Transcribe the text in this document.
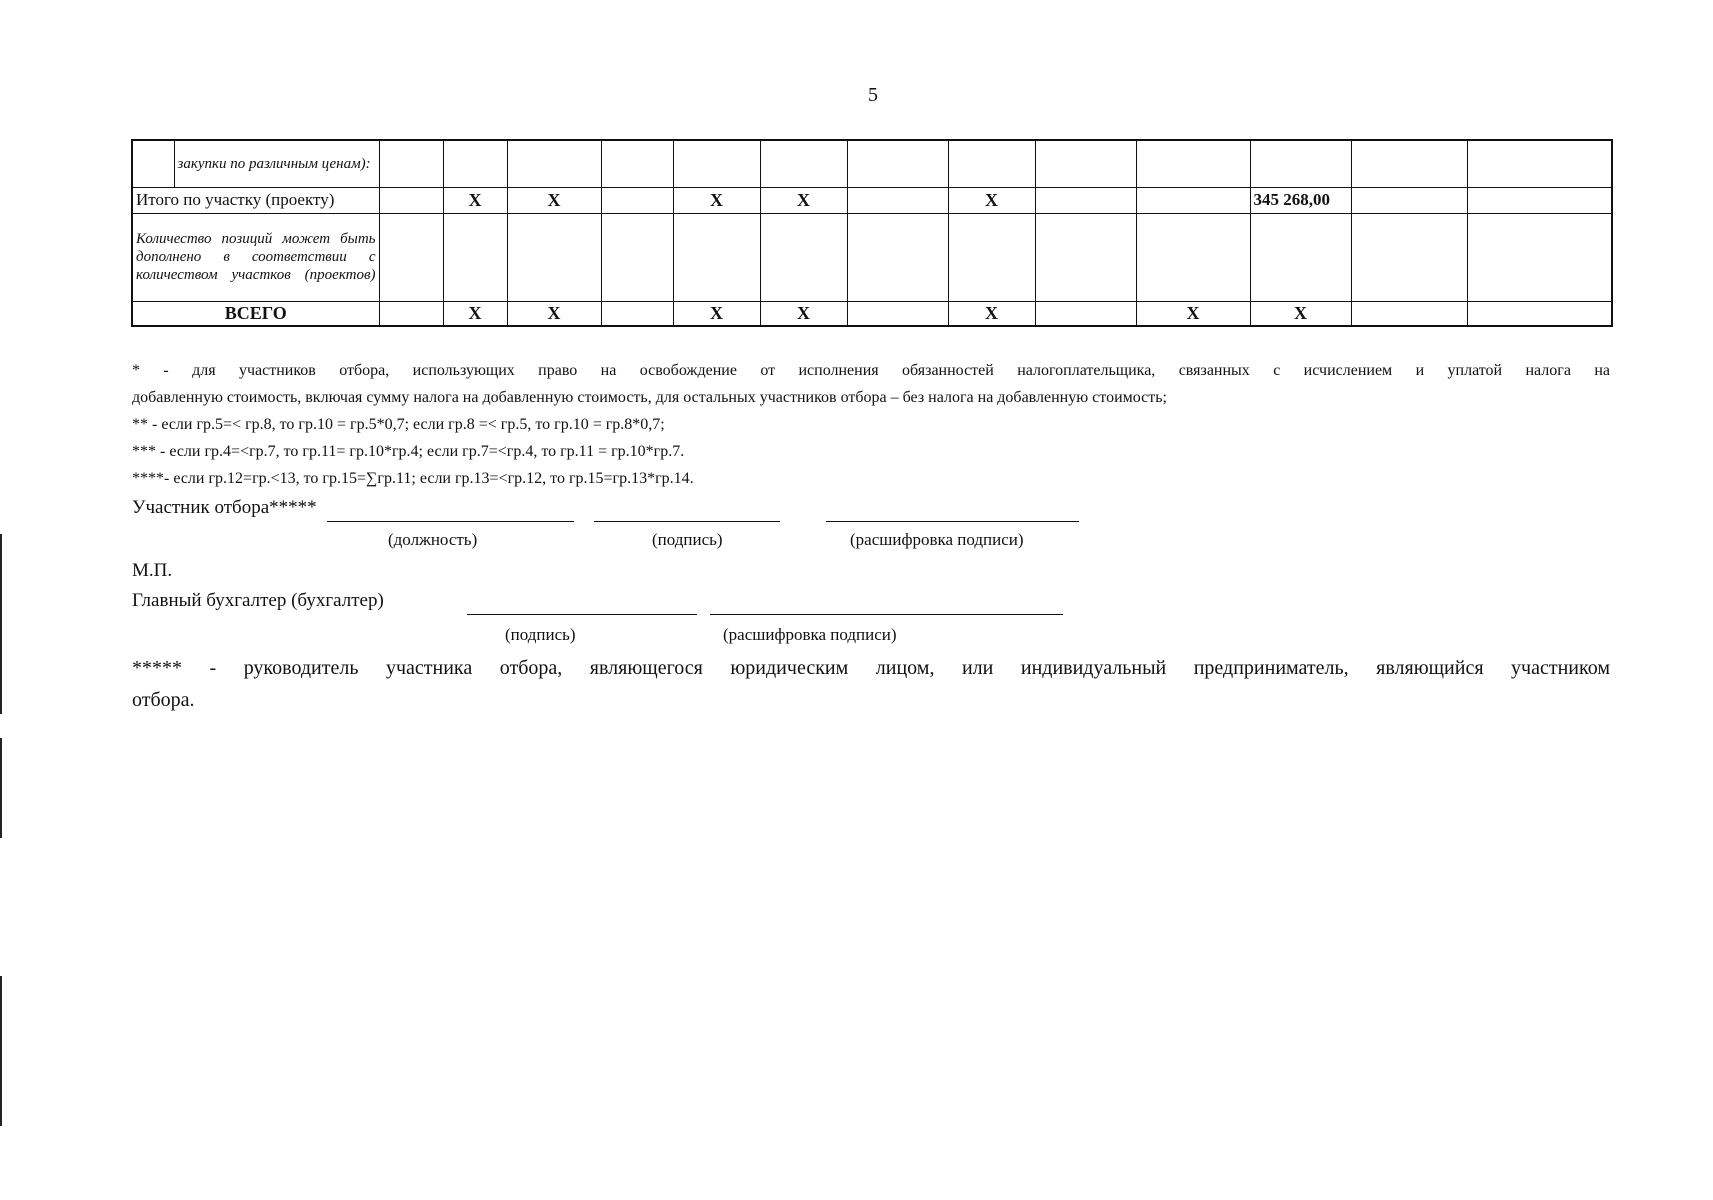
5
	закупки по различным ценам):													
Итого по участку (проекту)			X	X		X	X		X			345 268,00		
Количество позиций может быть дополнено в соответствии с количеством участков (проектов)														
ВСЕГО			X	X		X	X		X		X	X		

* - для участников отбора, использующих право на освобождение от исполнения обязанностей налогоплательщика, связанных с исчислением и уплатой налога на

добавленную стоимость, включая сумму налога на добавленную стоимость, для остальных участников отбора – без налога на добавленную стоимость;

** - если гр.5=< гр.8, то гр.10 = гр.5*0,7; если гр.8 =< гр.5, то гр.10 = гр.8*0,7;

*** - если гр.4=<гр.7, то гр.11= гр.10*гр.4; если гр.7=<гр.4, то гр.11 = гр.10*гр.7.

****- если гр.12=гр.<13, то гр.15=∑гр.11; если гр.13=<гр.12, то гр.15=гр.13*гр.14.

Участник отбора*****
(должность)	(подпись)	(расшифровка подписи)
М.П.
Главный бухгалтер (бухгалтер)
(подпись)	(расшифровка подписи)
***** - руководитель участника отбора, являющегося юридическим лицом, или индивидуальный предприниматель, являющийся участником
отбора.
